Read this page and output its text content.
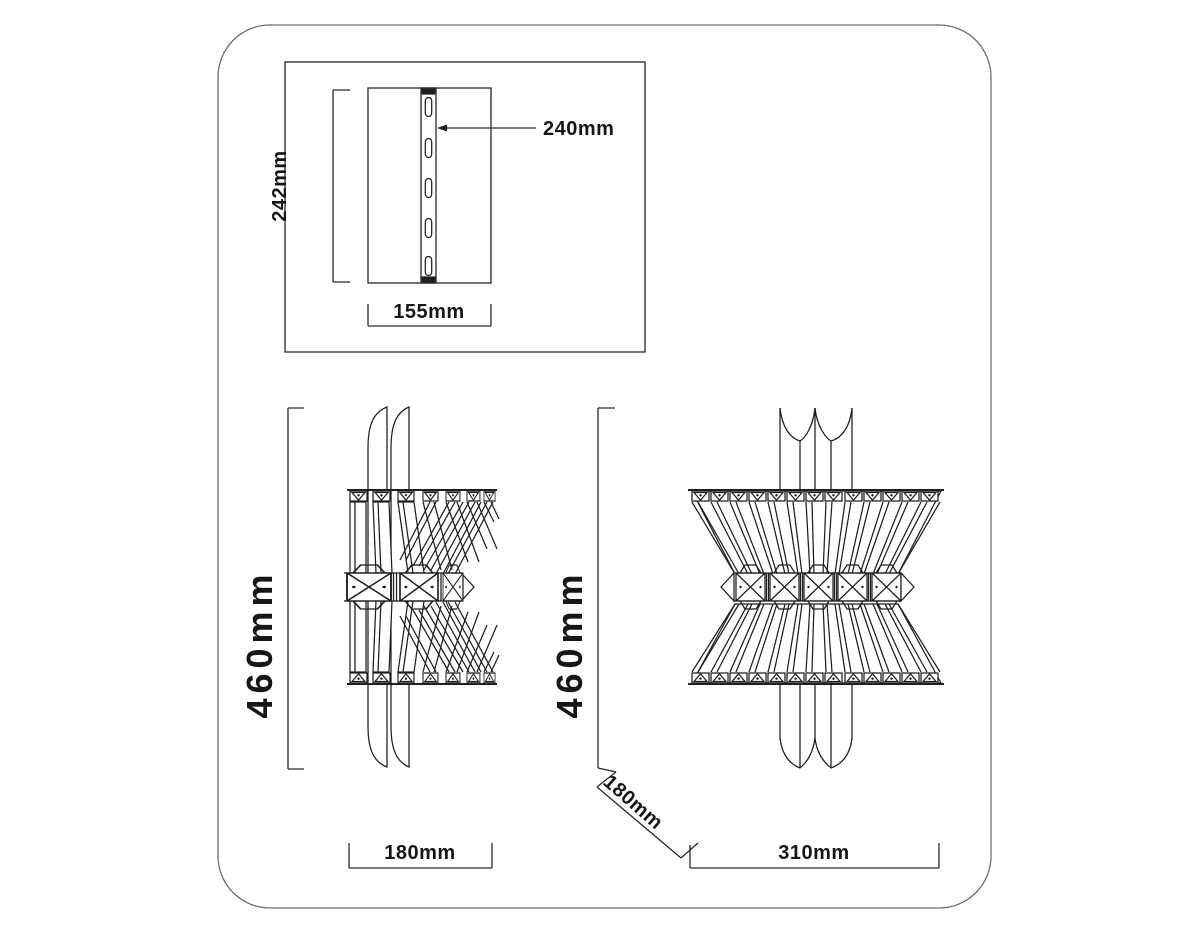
242mm
155mm
240mm
460mm
180mm
460mm
180mm
310mm
